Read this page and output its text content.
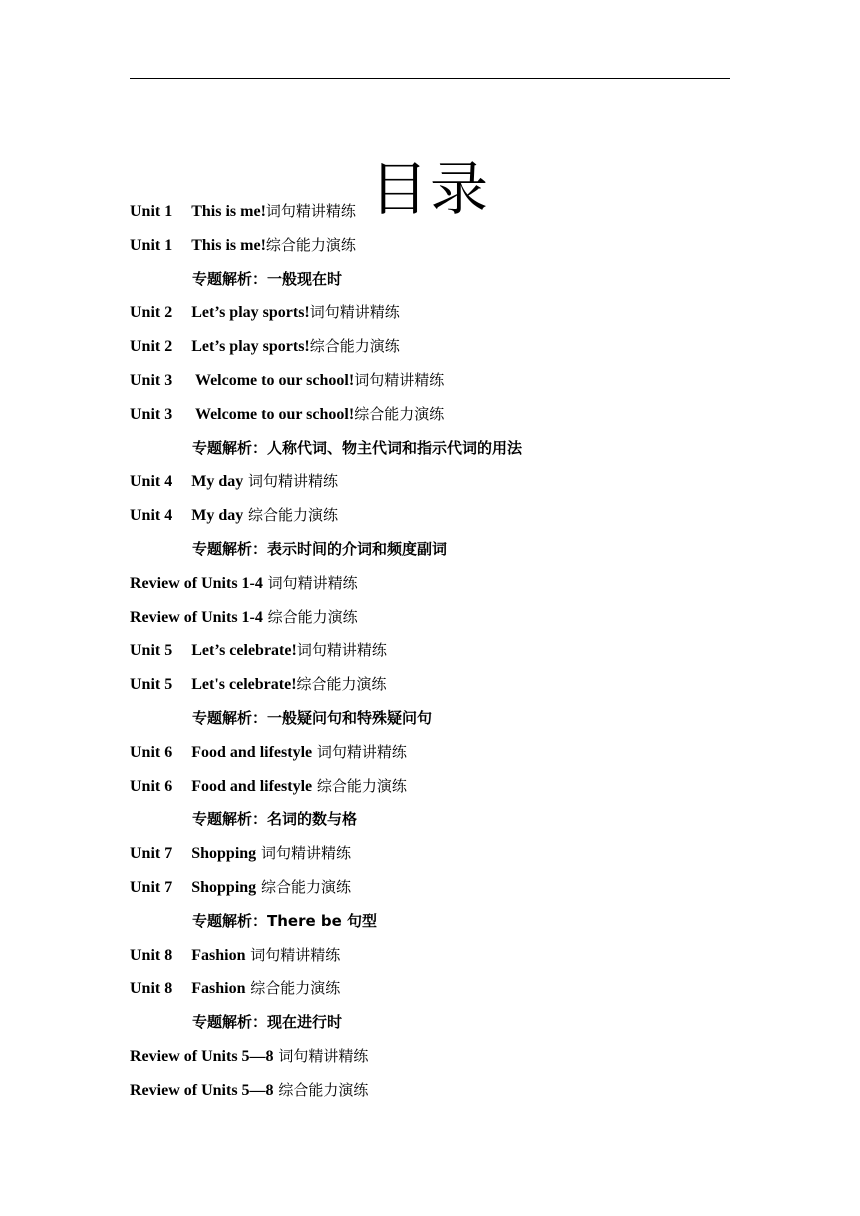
目录
Unit 1 This is me!词句精讲精练
Unit 1 This is me!综合能力演练
专题解析：一般现在时
Unit 2 Let’s play sports!词句精讲精练
Unit 2 Let’s play sports!综合能力演练
Unit 3 Welcome to our school!词句精讲精练
Unit 3 Welcome to our school!综合能力演练
专题解析：人称代词、物主代词和指示代词的用法
Unit 4 My day 词句精讲精练
Unit 4 My day 综合能力演练
专题解析：表示时间的介词和频度副词
Review of Units 1-4 词句精讲精练
Review of Units 1-4 综合能力演练
Unit 5 Let’s celebrate!词句精讲精练
Unit 5 Let's celebrate!综合能力演练
专题解析：一般疑问句和特殊疑问句
Unit 6 Food and lifestyle 词句精讲精练
Unit 6 Food and lifestyle 综合能力演练
专题解析：名词的数与格
Unit 7 Shopping 词句精讲精练
Unit 7 Shopping 综合能力演练
专题解析：There be 句型
Unit 8 Fashion 词句精讲精练
Unit 8 Fashion 综合能力演练
专题解析：现在进行时
Review of Units 5—8 词句精讲精练
Review of Units 5—8 综合能力演练
